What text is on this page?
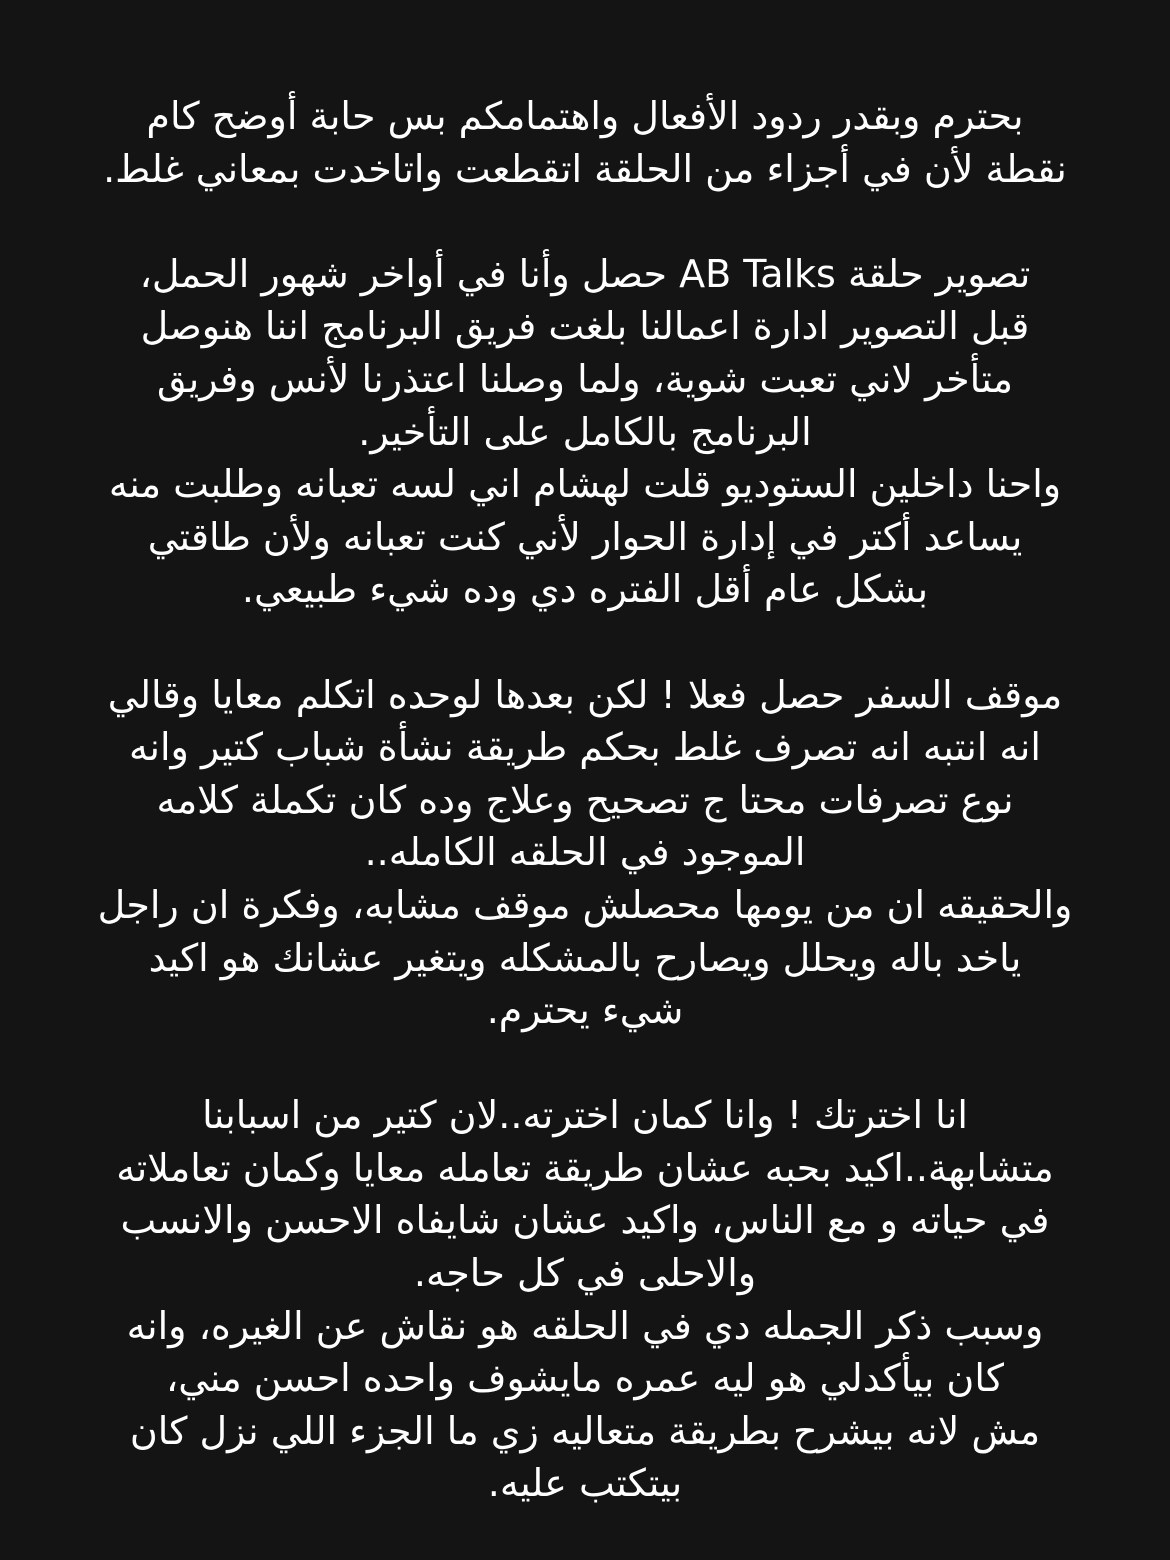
بحترم وبقدر ردود الأفعال واهتمامكم بس حابة أوضح كام
نقطة لأن في أجزاء من الحلقة اتقطعت واتاخدت بمعاني غلط.
تصوير حلقة AB Talks حصل وأنا في أواخر شهور الحمل،
قبل التصوير ادارة اعمالنا بلغت فريق البرنامج اننا هنوصل
متأخر لاني تعبت شوية، ولما وصلنا اعتذرنا لأنس وفريق
البرنامج بالكامل على التأخير.
واحنا داخلين الستوديو قلت لهشام اني لسه تعبانه وطلبت منه
يساعد أكتر في إدارة الحوار لأني كنت تعبانه ولأن طاقتي
بشكل عام أقل الفتره دي وده شيء طبيعي.
موقف السفر حصل فعلا ! لكن بعدها لوحده اتكلم معايا وقالي
انه انتبه انه تصرف غلط بحكم طريقة نشأة شباب كتير وانه
نوع تصرفات محتا ج تصحيح وعلاج وده كان تكملة كلامه
الموجود في الحلقه الكامله..
والحقيقه ان من يومها محصلش موقف مشابه، وفكرة ان راجل
ياخد باله ويحلل ويصارح بالمشكله ويتغير عشانك هو اكيد
شيء يحترم.
انا اخترتك ! وانا كمان اخترته..لان كتير من اسبابنا
متشابهة..اكيد بحبه عشان طريقة تعامله معايا وكمان تعاملاته
في حياته و مع الناس، واكيد عشان شايفاه الاحسن والانسب
والاحلى في كل حاجه.
وسبب ذكر الجمله دي في الحلقه هو نقاش عن الغيره، وانه
كان بيأكدلي هو ليه عمره مايشوف واحده احسن مني،
مش لانه بيشرح بطريقة متعاليه زي ما الجزء اللي نزل كان
بيتكتب عليه.
